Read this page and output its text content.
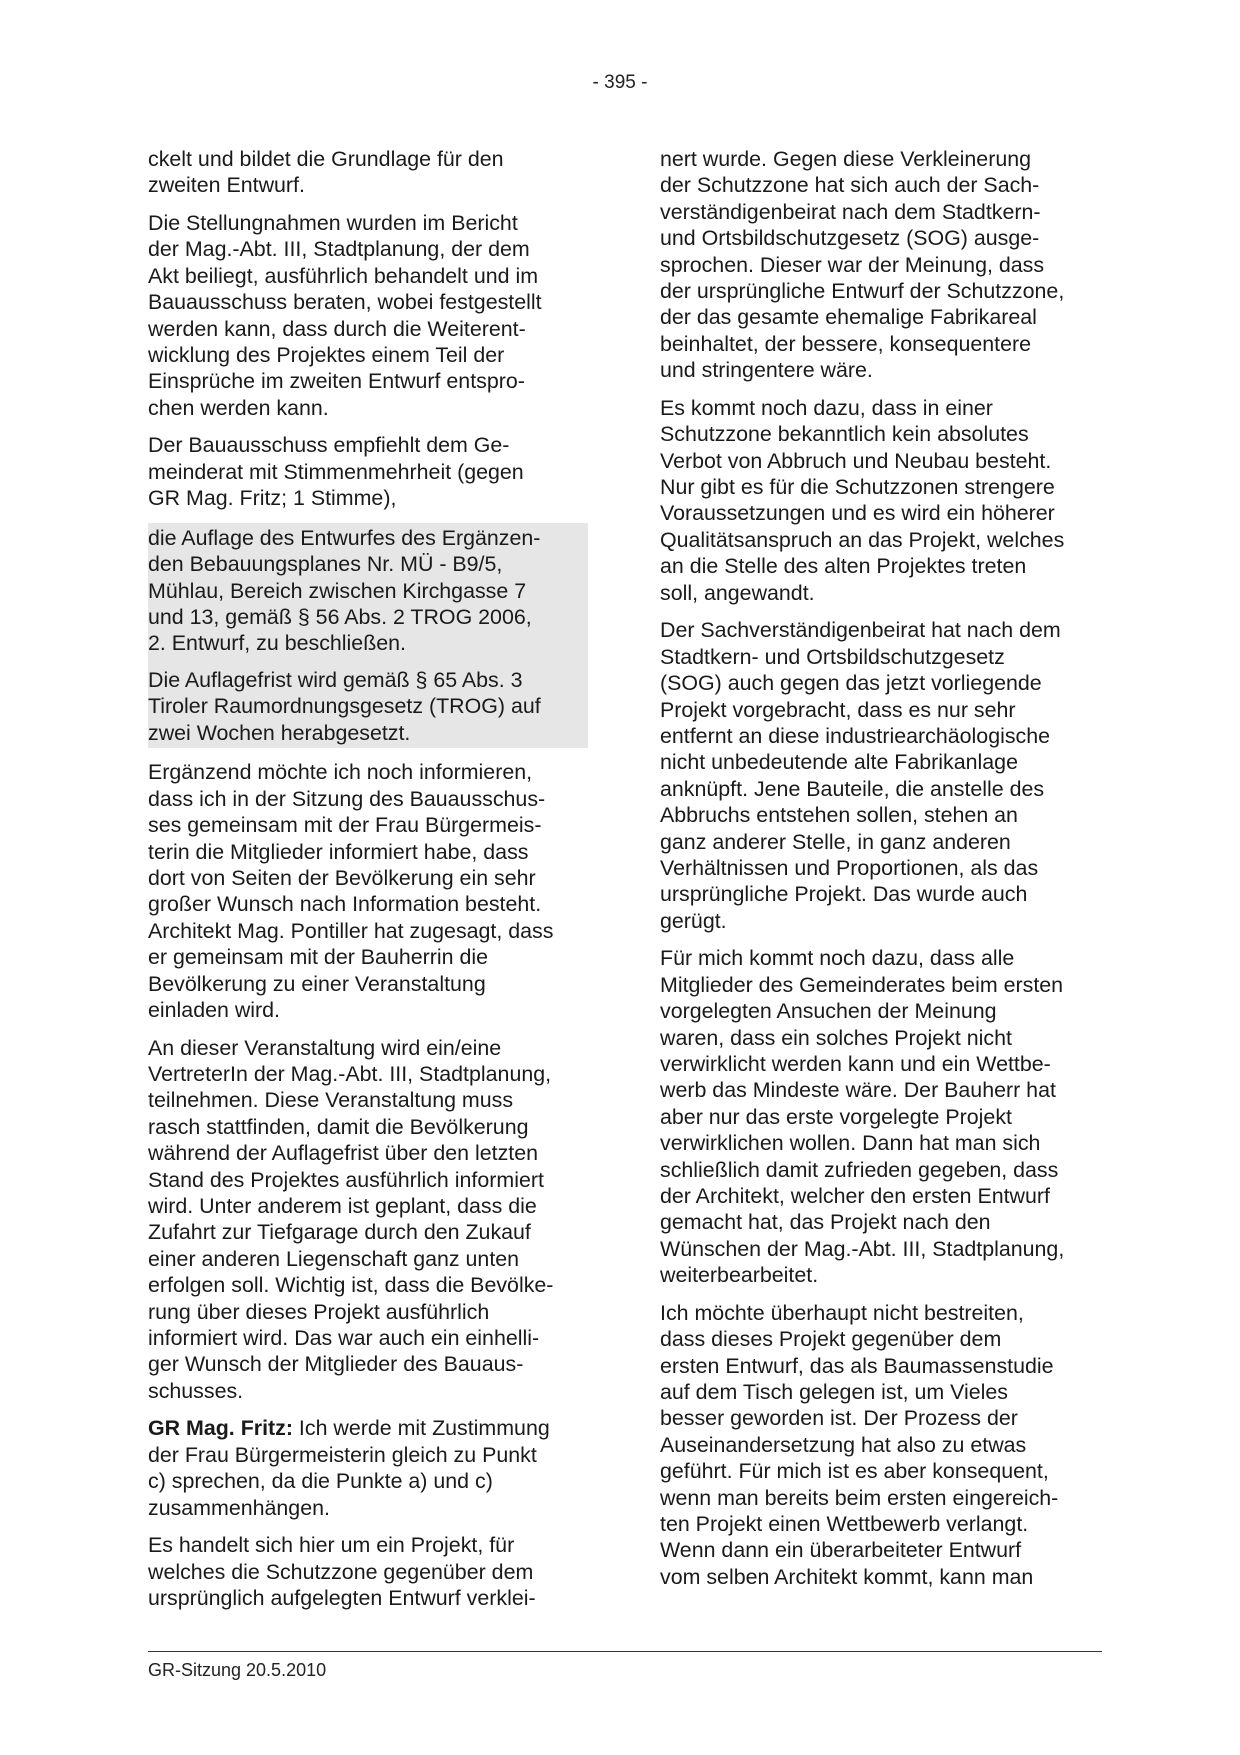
- 395 -

ckelt und bildet die Grundlage für den
zweiten Entwurf.

Die Stellungnahmen wurden im Bericht
der Mag.-Abt. III, Stadtplanung, der dem
Akt beiliegt, ausführlich behandelt und im
Bauausschuss beraten, wobei festgestellt
werden kann, dass durch die Weiterent-
wicklung des Projektes einem Teil der
Einsprüche im zweiten Entwurf entspro-
chen werden kann.

Der Bauausschuss empfiehlt dem Ge-
meinderat mit Stimmenmehrheit (gegen
GR Mag. Fritz; 1 Stimme),

die Auflage des Entwurfes des Ergänzen-
den Bebauungsplanes Nr. MÜ - B9/5,
Mühlau, Bereich zwischen Kirchgasse 7
und 13, gemäß § 56 Abs. 2 TROG 2006,
2. Entwurf, zu beschließen.

Die Auflagefrist wird gemäß § 65 Abs. 3
Tiroler Raumordnungsgesetz (TROG) auf
zwei Wochen herabgesetzt.

Ergänzend möchte ich noch informieren,
dass ich in der Sitzung des Bauausschus-
ses gemeinsam mit der Frau Bürgermeis-
terin die Mitglieder informiert habe, dass
dort von Seiten der Bevölkerung ein sehr
großer Wunsch nach Information besteht.
Architekt Mag. Pontiller hat zugesagt, dass
er gemeinsam mit der Bauherrin die
Bevölkerung zu einer Veranstaltung
einladen wird.

An dieser Veranstaltung wird ein/eine
VertreterIn der Mag.-Abt. III, Stadtplanung,
teilnehmen. Diese Veranstaltung muss
rasch stattfinden, damit die Bevölkerung
während der Auflagefrist über den letzten
Stand des Projektes ausführlich informiert
wird. Unter anderem ist geplant, dass die
Zufahrt zur Tiefgarage durch den Zukauf
einer anderen Liegenschaft ganz unten
erfolgen soll. Wichtig ist, dass die Bevölke-
rung über dieses Projekt ausführlich
informiert wird. Das war auch ein einhelli-
ger Wunsch der Mitglieder des Bauaus-
schusses.

GR Mag. Fritz: Ich werde mit Zustimmung
der Frau Bürgermeisterin gleich zu Punkt
c) sprechen, da die Punkte a) und c)
zusammenhängen.

Es handelt sich hier um ein Projekt, für
welches die Schutzzone gegenüber dem
ursprünglich aufgelegten Entwurf verklei-

nert wurde. Gegen diese Verkleinerung
der Schutzzone hat sich auch der Sach-
verständigenbeirat nach dem Stadtkern-
und Ortsbildschutzgesetz (SOG) ausge-
sprochen. Dieser war der Meinung, dass
der ursprüngliche Entwurf der Schutzzone,
der das gesamte ehemalige Fabrikareal
beinhaltet, der bessere, konsequentere
und stringentere wäre.

Es kommt noch dazu, dass in einer
Schutzzone bekanntlich kein absolutes
Verbot von Abbruch und Neubau besteht.
Nur gibt es für die Schutzzonen strengere
Voraussetzungen und es wird ein höherer
Qualitätsanspruch an das Projekt, welches
an die Stelle des alten Projektes treten
soll, angewandt.

Der Sachverständigenbeirat hat nach dem
Stadtkern- und Ortsbildschutzgesetz
(SOG) auch gegen das jetzt vorliegende
Projekt vorgebracht, dass es nur sehr
entfernt an diese industriearchäologische
nicht unbedeutende alte Fabrikanlage
anknüpft. Jene Bauteile, die anstelle des
Abbruchs entstehen sollen, stehen an
ganz anderer Stelle, in ganz anderen
Verhältnissen und Proportionen, als das
ursprüngliche Projekt. Das wurde auch
gerügt.

Für mich kommt noch dazu, dass alle
Mitglieder des Gemeinderates beim ersten
vorgelegten Ansuchen der Meinung
waren, dass ein solches Projekt nicht
verwirklicht werden kann und ein Wettbe-
werb das Mindeste wäre. Der Bauherr hat
aber nur das erste vorgelegte Projekt
verwirklichen wollen. Dann hat man sich
schließlich damit zufrieden gegeben, dass
der Architekt, welcher den ersten Entwurf
gemacht hat, das Projekt nach den
Wünschen der Mag.-Abt. III, Stadtplanung,
weiterbearbeitet.

Ich möchte überhaupt nicht bestreiten,
dass dieses Projekt gegenüber dem
ersten Entwurf, das als Baumassenstudie
auf dem Tisch gelegen ist, um Vieles
besser geworden ist. Der Prozess der
Auseinandersetzung hat also zu etwas
geführt. Für mich ist es aber konsequent,
wenn man bereits beim ersten eingereich-
ten Projekt einen Wettbewerb verlangt.
Wenn dann ein überarbeiteter Entwurf
vom selben Architekt kommt, kann man

GR-Sitzung 20.5.2010
